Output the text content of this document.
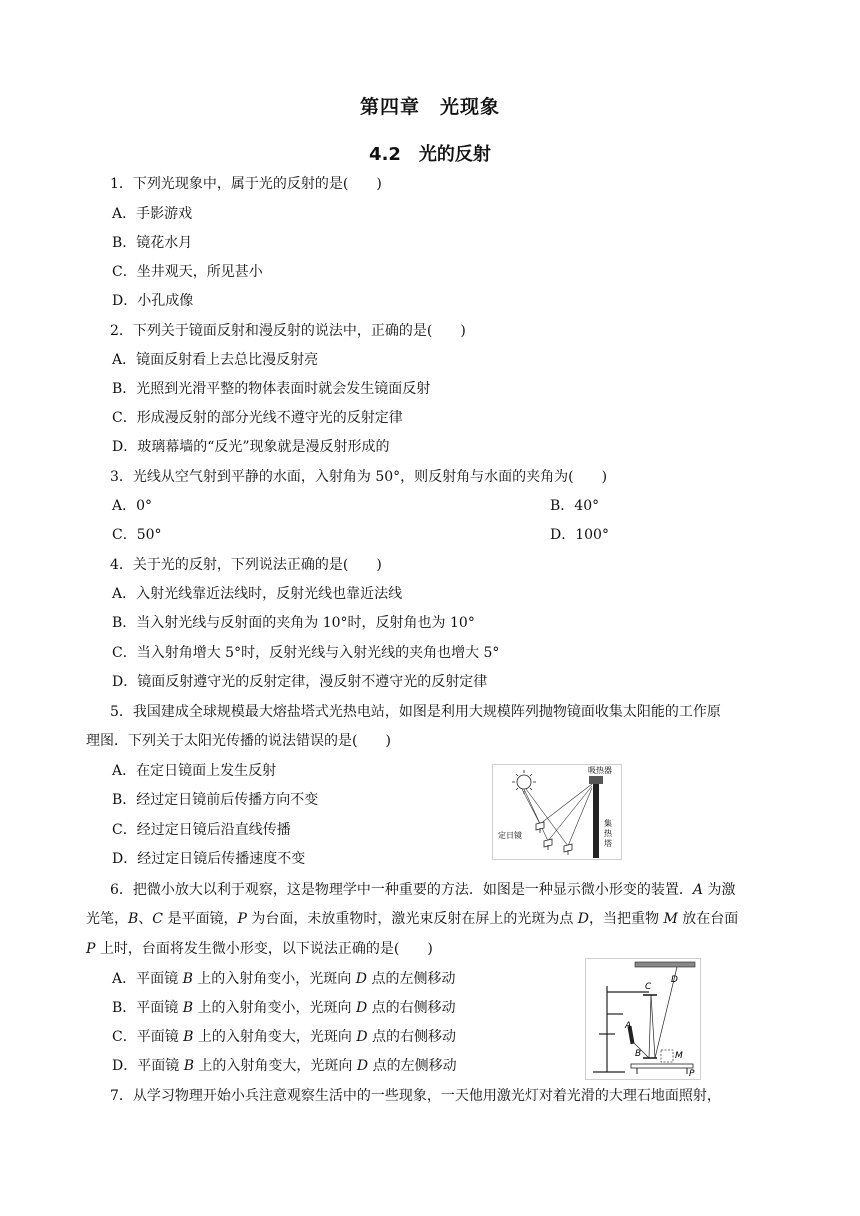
第四章　光现象
4.2　光的反射
1．下列光现象中，属于光的反射的是(　　)
A．手影游戏
B．镜花水月
C．坐井观天，所见甚小
D．小孔成像
2．下列关于镜面反射和漫反射的说法中，正确的是(　　)
A．镜面反射看上去总比漫反射亮
B．光照到光滑平整的物体表面时就会发生镜面反射
C．形成漫反射的部分光线不遵守光的反射定律
D．玻璃幕墙的“反光”现象就是漫反射形成的
3．光线从空气射到平静的水面，入射角为 50°，则反射角与水面的夹角为(　　)
A．0°	B．40°
C．50°	D．100°
4．关于光的反射，下列说法正确的是(　　)
A．入射光线靠近法线时，反射光线也靠近法线
B．当入射光线与反射面的夹角为 10°时，反射角也为 10°
C．当入射角增大 5°时，反射光线与入射光线的夹角也增大 5°
D．镜面反射遵守光的反射定律，漫反射不遵守光的反射定律
5．我国建成全球规模最大熔盐塔式光热电站，如图是利用大规模阵列抛物镜面收集太阳能的工作原
理图．下列关于太阳光传播的说法错误的是(　　)
A．在定日镜面上发生反射
B．经过定日镜前后传播方向不变
C．经过定日镜后沿直线传播
D．经过定日镜后传播速度不变
吸热器
定日镜
集
热
塔
6．把微小放大以利于观察，这是物理学中一种重要的方法．如图是一种显示微小形变的装置．A 为激
光笔，B、C 是平面镜，P 为台面，未放重物时，激光束反射在屏上的光斑为点 D，当把重物 M 放在台面
P 上时，台面将发生微小形变，以下说法正确的是(　　)
A．平面镜 B 上的入射角变小，光斑向 D 点的左侧移动
B．平面镜 B 上的入射角变小，光斑向 D 点的右侧移动
C．平面镜 B 上的入射角变大，光斑向 D 点的右侧移动
D．平面镜 B 上的入射角变大，光斑向 D 点的左侧移动
D
C
A
B	M
P
7．从学习物理开始小兵注意观察生活中的一些现象，一天他用激光灯对着光滑的大理石地面照射，
